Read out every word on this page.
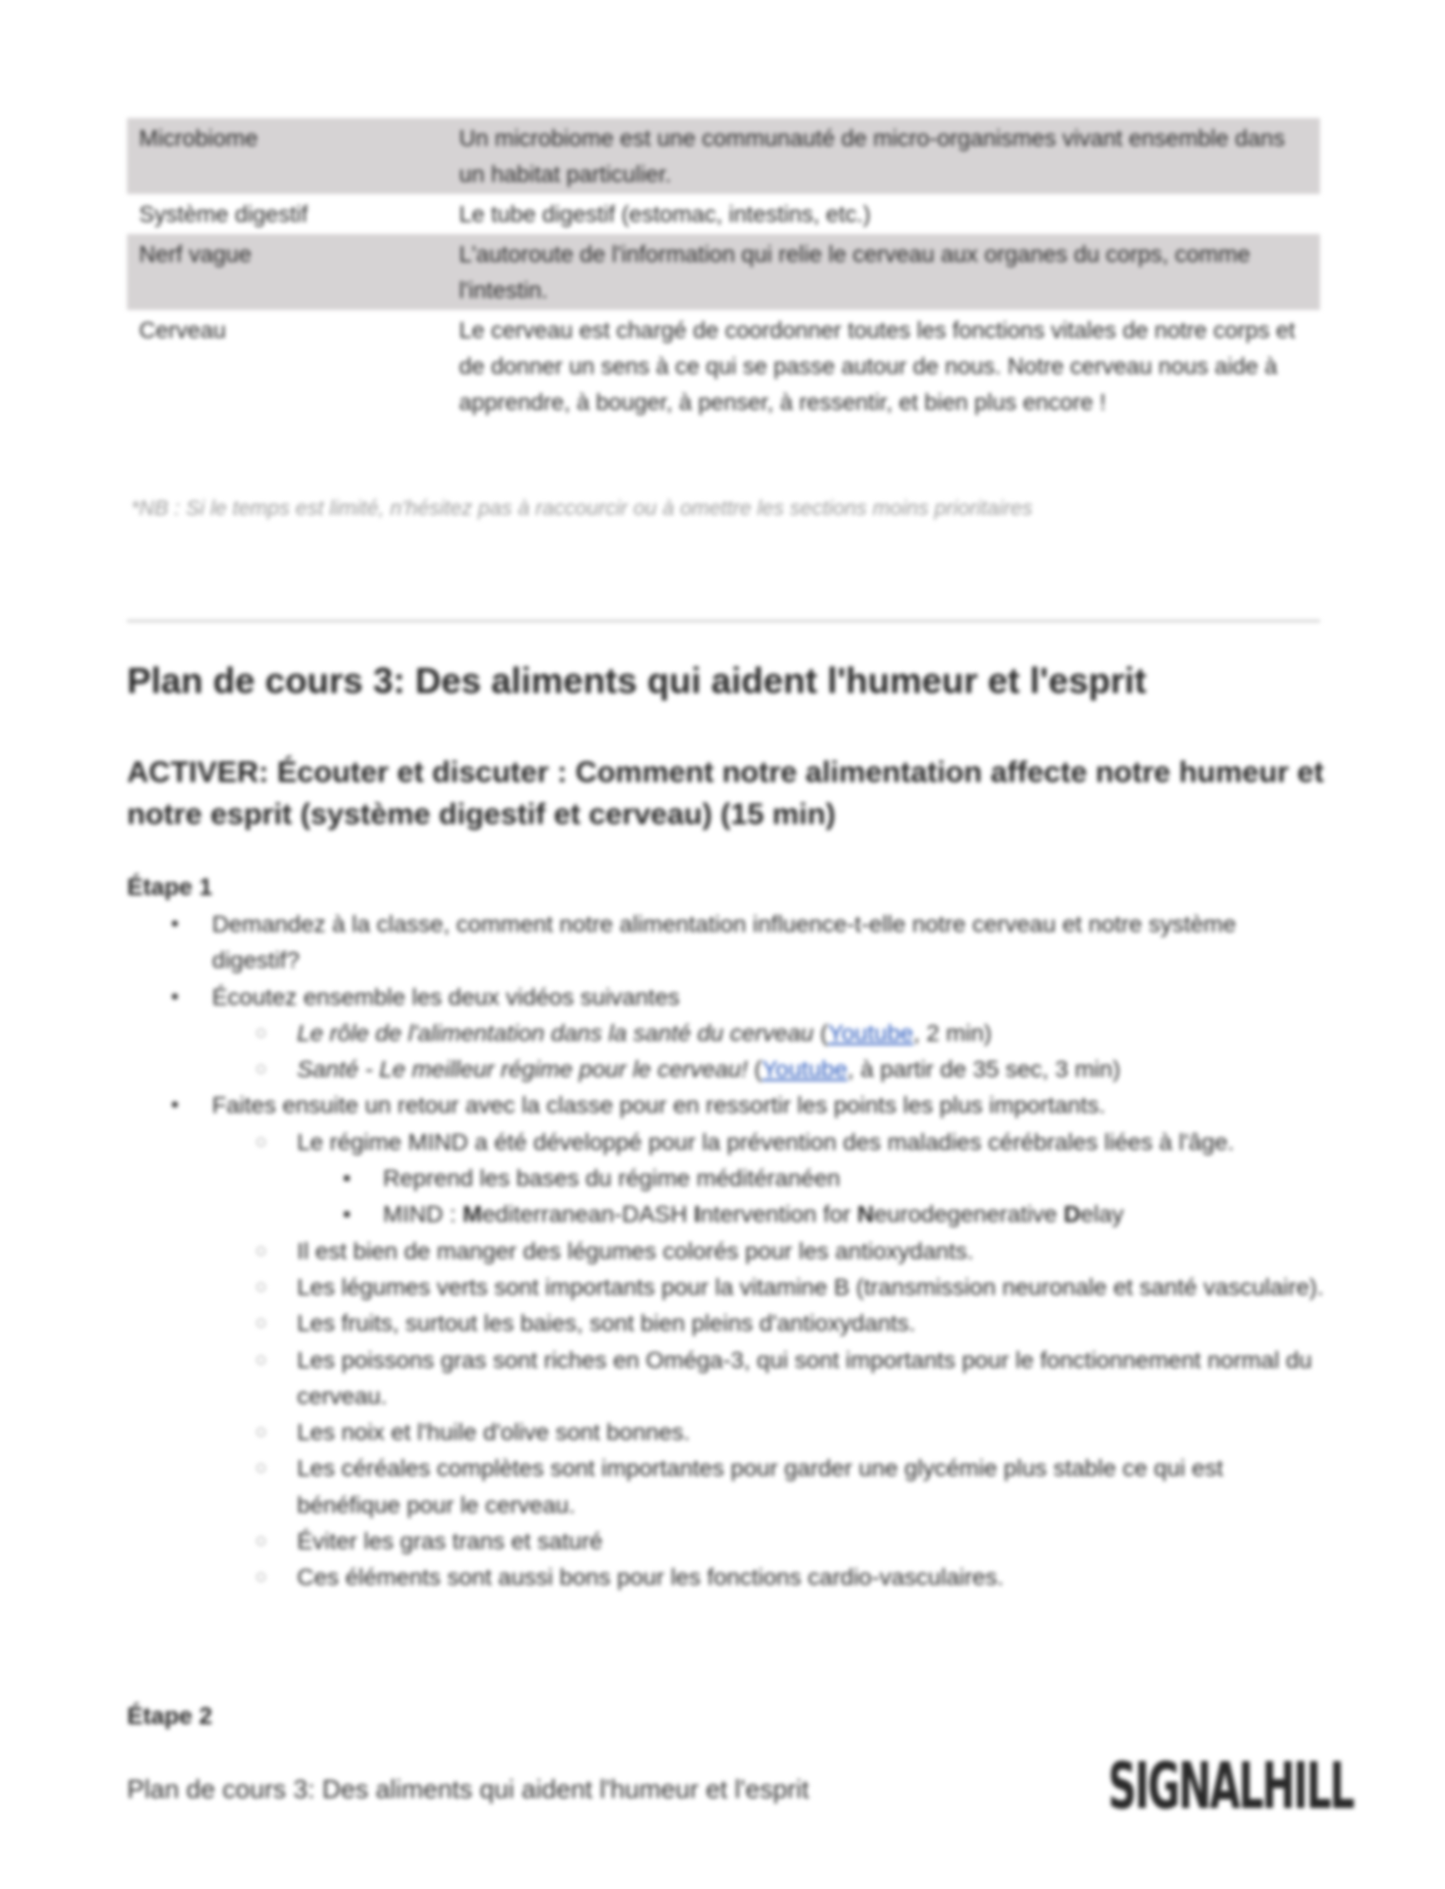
Microbiome	Un microbiome est une communauté de micro-organismes vivant ensemble dans un habitat particulier.
Système digestif	Le tube digestif (estomac, intestins, etc.)
Nerf vague	L'autoroute de l'information qui relie le cerveau aux organes du corps, comme l'intestin.
Cerveau	Le cerveau est chargé de coordonner toutes les fonctions vitales de notre corps et de donner un sens à ce qui se passe autour de nous. Notre cerveau nous aide à apprendre, à bouger, à penser, à ressentir, et bien plus encore !
*NB : Si le temps est limité, n'hésitez pas à raccourcir ou à omettre les sections moins prioritaires
Plan de cours 3: Des aliments qui aident l'humeur et l'esprit
ACTIVER: Écouter et discuter : Comment notre alimentation affecte notre humeur et notre esprit (système digestif et cerveau) (15 min)
Étape 1
• Demandez à la classe, comment notre alimentation influence-t-elle notre cerveau et notre système digestif?
• Écoutez ensemble les deux vidéos suivantes
○ Le rôle de l'alimentation dans la santé du cerveau (Youtube, 2 min)
○ Santé - Le meilleur régime pour le cerveau! (Youtube, à partir de 35 sec, 3 min)
• Faites ensuite un retour avec la classe pour en ressortir les points les plus importants.
○ Le régime MIND a été développé pour la prévention des maladies cérébrales liées à l'âge.
▪ Reprend les bases du régime méditéranéen
▪ MIND : Mediterranean-DASH Intervention for Neurodegenerative Delay
○ Il est bien de manger des légumes colorés pour les antioxydants.
○ Les légumes verts sont importants pour la vitamine B (transmission neuronale et santé vasculaire).
○ Les fruits, surtout les baies, sont bien pleins d'antioxydants.
○ Les poissons gras sont riches en Oméga-3, qui sont importants pour le fonctionnement normal du cerveau.
○ Les noix et l'huile d'olive sont bonnes.
○ Les céréales complètes sont importantes pour garder une glycémie plus stable ce qui est bénéfique pour le cerveau.
○ Éviter les gras trans et saturé
○ Ces éléments sont aussi bons pour les fonctions cardio-vasculaires.
Étape 2
Plan de cours 3: Des aliments qui aident l'humeur et l'esprit	SIGNALHILL
